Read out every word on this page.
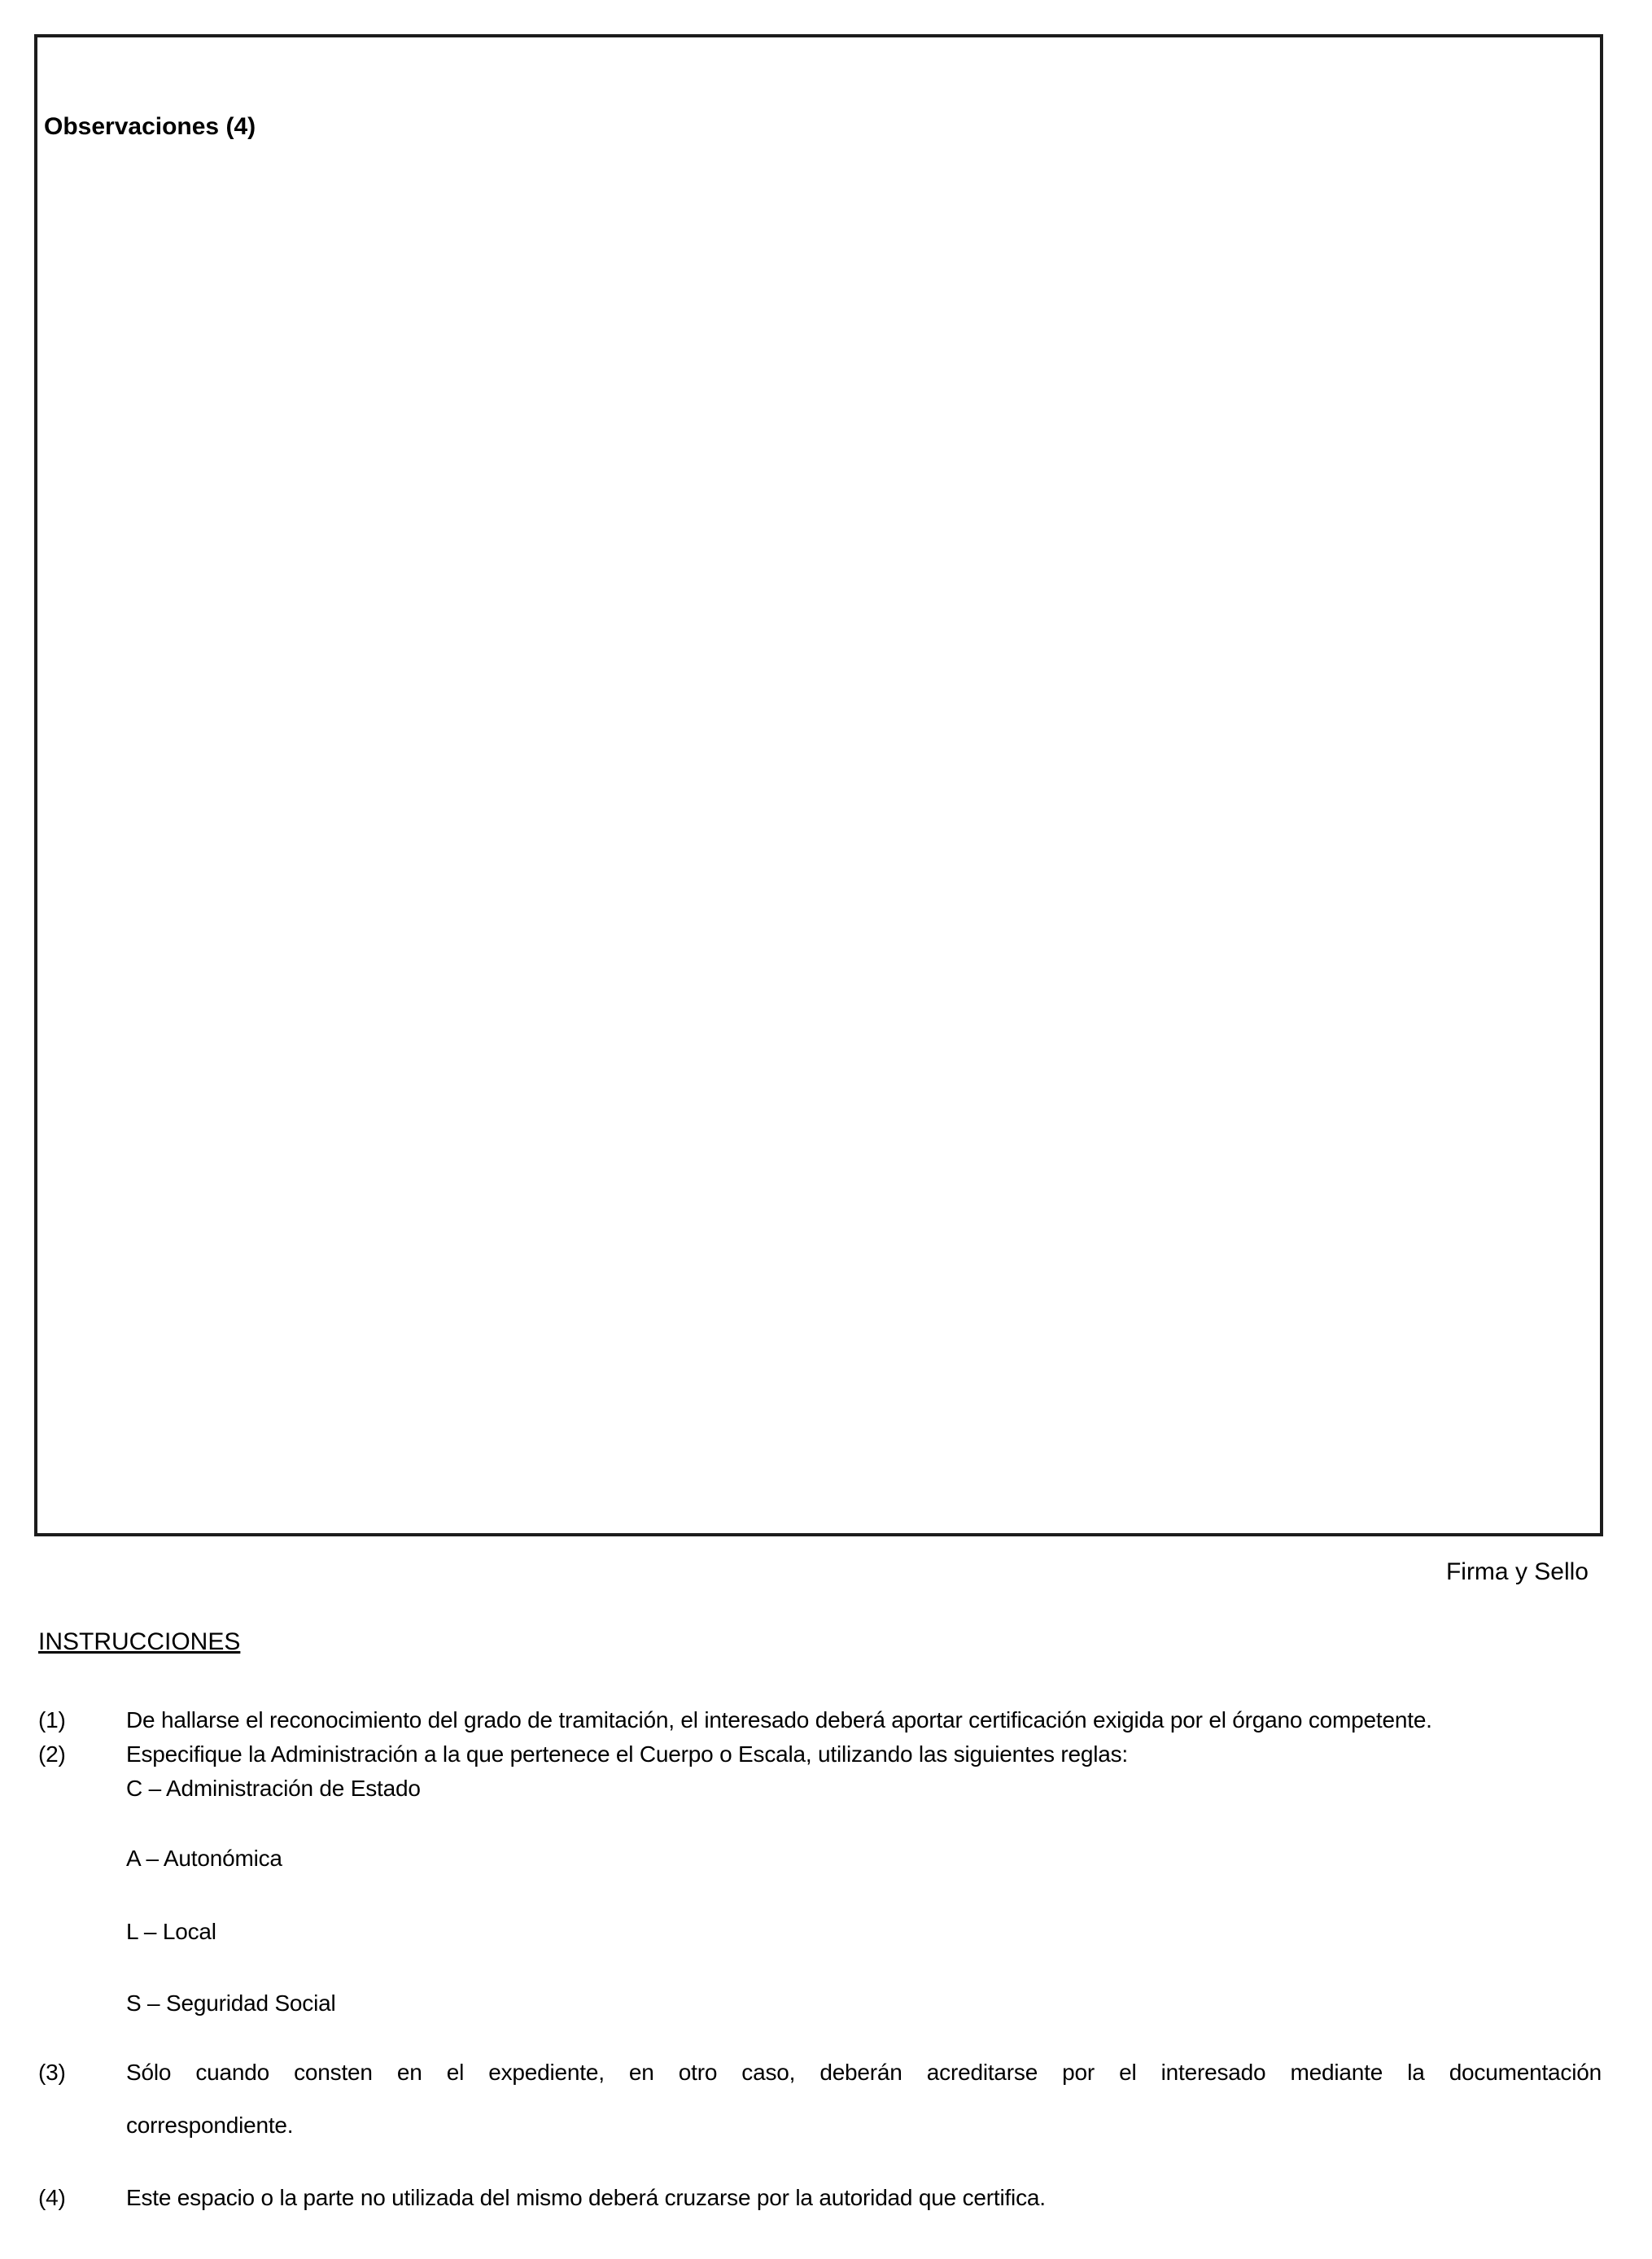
Observaciones (4)
Firma y Sello
INSTRUCCIONES
(1)	De hallarse el reconocimiento del grado de tramitación, el interesado deberá aportar certificación exigida por el órgano competente.
(2)	Especifique la Administración a la que pertenece el Cuerpo o Escala, utilizando las siguientes reglas:
C – Administración de Estado
A – Autonómica
L – Local
S – Seguridad Social
(3)	Sólo cuando consten en el expediente, en otro caso, deberán acreditarse por el interesado mediante la documentación
correspondiente.
(4)	Este espacio o la parte no utilizada del mismo deberá cruzarse por la autoridad que certifica.
